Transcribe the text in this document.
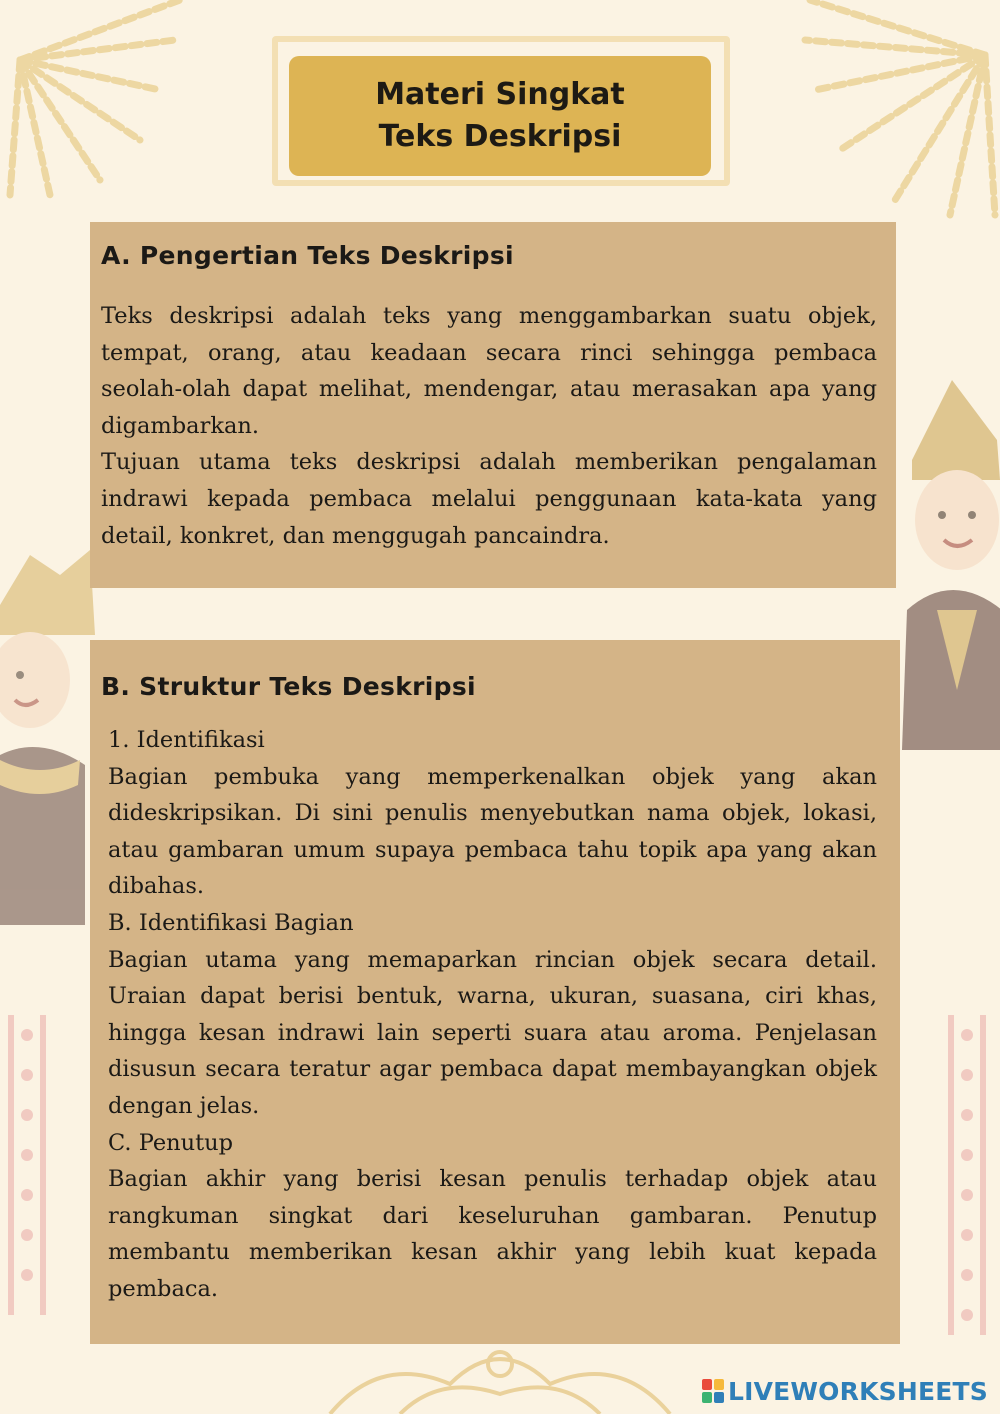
Materi Singkat
Teks Deskripsi
A. Pengertian Teks Deskripsi

Teks deskripsi adalah teks yang menggambarkan suatu objek, tempat, orang, atau keadaan secara rinci sehingga pembaca seolah-olah dapat melihat, mendengar, atau merasakan apa yang digambarkan.

Tujuan utama teks deskripsi adalah memberikan pengalaman indrawi kepada pembaca melalui penggunaan kata-kata yang detail, konkret, dan menggugah pancaindra.

B. Struktur Teks Deskripsi

1. Identifikasi

Bagian pembuka yang memperkenalkan objek yang akan dideskripsikan. Di sini penulis menyebutkan nama objek, lokasi, atau gambaran umum supaya pembaca tahu topik apa yang akan dibahas.

B. Identifikasi Bagian

Bagian utama yang memaparkan rincian objek secara detail. Uraian dapat berisi bentuk, warna, ukuran, suasana, ciri khas, hingga kesan indrawi lain seperti suara atau aroma. Penjelasan disusun secara teratur agar pembaca dapat membayangkan objek dengan jelas.

C. Penutup

Bagian akhir yang berisi kesan penulis terhadap objek atau rangkuman singkat dari keseluruhan gambaran. Penutup membantu memberikan kesan akhir yang lebih kuat kepada pembaca.

LIVEWORKSHEETS
